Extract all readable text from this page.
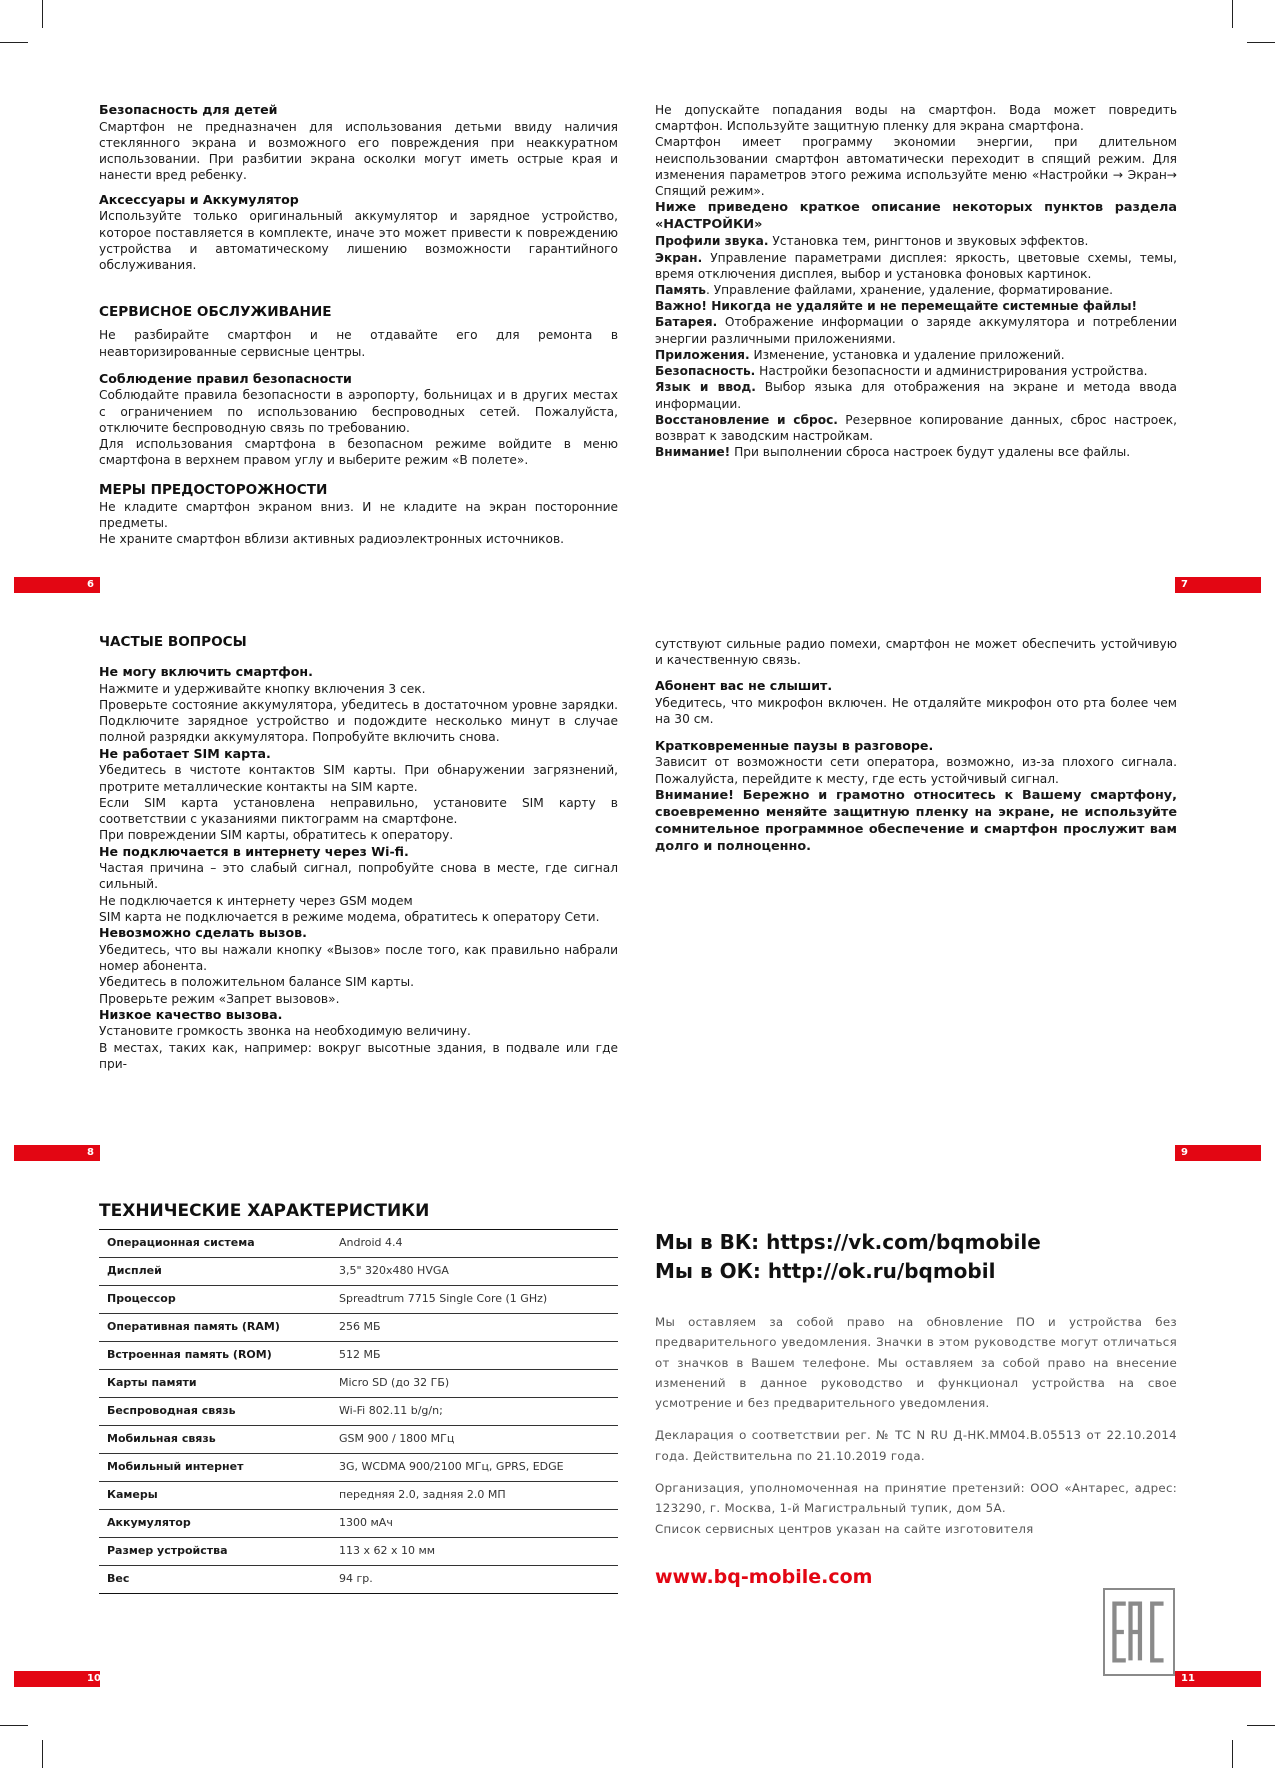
Безопасность для детей

Смартфон не предназначен для использования детьми ввиду наличия стеклянного экрана и возможного его повреждения при неаккуратном использовании. При разбитии экрана осколки могут иметь острые края и нанести вред ребенку.

Аксессуары и Аккумулятор

Используйте только оригинальный аккумулятор и зарядное устройство, которое поставляется в комплекте, иначе это может привести к повреждению устройства и автоматическому лишению возможности гарантийного обслуживания.

СЕРВИСНОЕ ОБСЛУЖИВАНИЕ

Не разбирайте смартфон и не отдавайте его для ремонта в неавторизированные сервисные центры.

Соблюдение правил безопасности

Соблюдайте правила безопасности в аэропорту, больницах и в других местах с ограничением по использованию беспроводных сетей. Пожалуйста, отключите беспроводную связь по требованию.

Для использования смартфона в безопасном режиме войдите в меню смартфона в верхнем правом углу и выберите режим «В полете».

МЕРЫ ПРЕДОСТОРОЖНОСТИ

Не кладите смартфон экраном вниз. И не кладите на экран посторонние предметы.

Не храните смартфон вблизи активных радиоэлектронных источников.

6

Не допускайте попадания воды на смартфон. Вода может повредить смартфон. Используйте защитную пленку для экрана смартфона.

Смартфон имеет программу экономии энергии, при длительном неиспользовании смартфон автоматически переходит в спящий режим. Для изменения параметров этого режима используйте меню «Настройки → Экран→ Спящий режим».

Ниже приведено краткое описание некоторых пунктов раздела «НАСТРОЙКИ»

Профили звука. Установка тем, рингтонов и звуковых эффектов.

Экран. Управление параметрами дисплея: яркость, цветовые схемы, темы, время отключения дисплея, выбор и установка фоновых картинок.

Память. Управление файлами, хранение, удаление, форматирование.

Важно! Никогда не удаляйте и не перемещайте системные файлы!

Батарея. Отображение информации о заряде аккумулятора и потреблении энергии различными приложениями.

Приложения. Изменение, установка и удаление приложений.

Безопасность. Настройки безопасности и администрирования устройства.

Язык и ввод. Выбор языка для отображения на экране и метода ввода информации.

Восстановление и сброс. Резервное копирование данных, сброс настроек, возврат к заводским настройкам.

Внимание! При выполнении сброса настроек будут удалены все файлы.

7

ЧАСТЫЕ ВОПРОСЫ

Не могу включить смартфон.

Нажмите и удерживайте кнопку включения 3 сек.

Проверьте состояние аккумулятора, убедитесь в достаточном уровне зарядки. Подключите зарядное устройство и подождите несколько минут в случае полной разрядки аккумулятора. Попробуйте включить снова.

Не работает SIM карта.

Убедитесь в чистоте контактов SIM карты. При обнаружении загрязнений, протрите металлические контакты на SIM карте.

Если SIM карта установлена неправильно, установите SIM карту в соответствии с указаниями пиктограмм на смартфоне.

При повреждении SIM карты, обратитесь к оператору.

Не подключается в интернету через Wi-fi.

Частая причина – это слабый сигнал, попробуйте снова в месте, где сигнал сильный.

Не подключается к интернету через GSM модем

SIM карта не подключается в режиме модема, обратитесь к оператору Сети.

Невозможно сделать вызов.

Убедитесь, что вы нажали кнопку «Вызов» после того, как правильно набрали номер абонента.

Убедитесь в положительном балансе SIM карты.

Проверьте режим «Запрет вызовов».

Низкое качество вызова.

Установите громкость звонка на необходимую величину.

В местах, таких как, например: вокруг высотные здания, в подвале или где при-

8

сутствуют сильные радио помехи, смартфон не может обеспечить устойчивую и качественную связь.

Абонент вас не слышит.

Убедитесь, что микрофон включен. Не отдаляйте микрофон ото рта более чем на 30 см.

Кратковременные паузы в разговоре.

Зависит от возможности сети оператора, возможно, из-за плохого сигнала. Пожалуйста, перейдите к месту, где есть устойчивый сигнал.

Внимание! Бережно и грамотно относитесь к Вашему смартфону, своевременно меняйте защитную пленку на экране, не используйте сомнительное программное обеспечение и смартфон прослужит вам долго и полноценно.

9

ТЕХНИЧЕСКИЕ ХАРАКТЕРИСТИКИ

Операционная система	Android 4.4
Дисплей	3,5" 320x480 HVGA
Процессор	Spreadtrum 7715 Single Core (1 GHz)
Оперативная память (RAM)	256 МБ
Встроенная память (ROM)	512 МБ
Карты памяти	Micro SD (до 32 ГБ)
Беспроводная связь	Wi-Fi 802.11 b/g/n;
Мобильная связь	GSM 900 / 1800 МГц
Мобильный интернет	3G, WCDMA 900/2100 МГц, GPRS, EDGE
Камеры	передняя 2.0, задняя 2.0 МП
Аккумулятор	1300 мАч
Размер устройства	113 x 62 x 10 мм
Вес	94 гр.
10

Мы в ВК: https://vk.com/bqmobile

Мы в ОК: http://ok.ru/bqmobil

Мы оставляем за собой право на обновление ПО и устройства без предварительного уведомления. Значки в этом руководстве могут отличаться от значков в Вашем телефоне. Мы оставляем за собой право на внесение изменений в данное руководство и функционал устройства на свое усмотрение и без предварительного уведомления.

Декларация о соответствии рег. № ТС N RU Д-НК.ММ04.В.05513 от 22.10.2014 года. Действительна по 21.10.2019 года.

Организация, уполномоченная на принятие претензий: ООО «Антарес, адрес: 123290, г. Москва, 1-й Магистральный тупик, дом 5А.

Список сервисных центров указан на сайте изготовителя

www.bq-mobile.com

11
